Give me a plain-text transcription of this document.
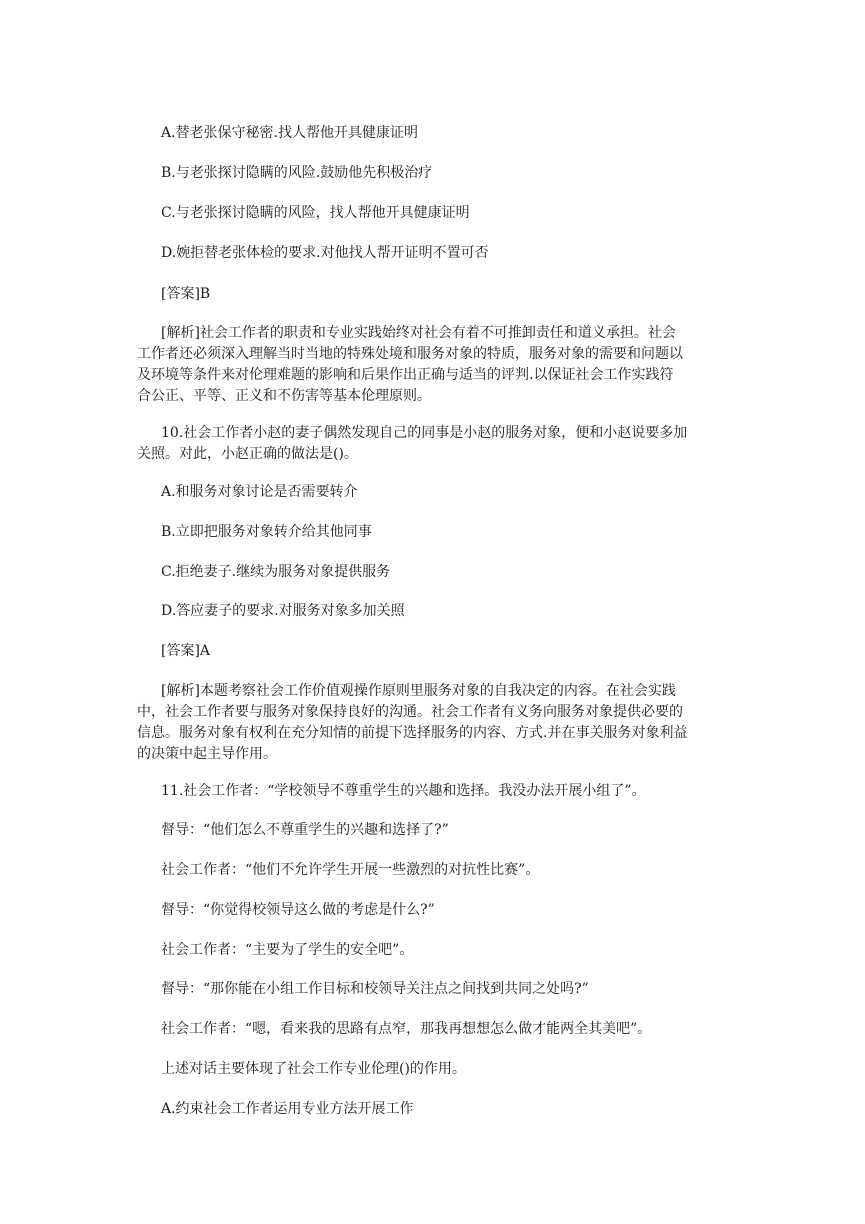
A.替老张保守秘密.找人帮他开具健康证明

B.与老张探讨隐瞒的风险.鼓励他先积极治疗

C.与老张探讨隐瞒的风险，找人帮他开具健康证明

D.婉拒替老张体检的要求.对他找人帮开证明不置可否

[答案]B

[解析]社会工作者的职责和专业实践始终对社会有着不可推卸责任和道义承担。社会
工作者还必须深入理解当时当地的特殊处境和服务对象的特质，服务对象的需要和问题以
及环境等条件来对伦理难题的影响和后果作出正确与适当的评判.以保证社会工作实践符
合公正、平等、正义和不伤害等基本伦理原则。
10.社会工作者小赵的妻子偶然发现自己的同事是小赵的服务对象，便和小赵说要多加
关照。对此，小赵正确的做法是()。

A.和服务对象讨论是否需要转介

B.立即把服务对象转介给其他同事

C.拒绝妻子.继续为服务对象提供服务

D.答应妻子的要求.对服务对象多加关照

[答案]A

[解析]本题考察社会工作价值观操作原则里服务对象的自我决定的内容。在社会实践
中，社会工作者要与服务对象保持良好的沟通。社会工作者有义务向服务对象提供必要的
信息。服务对象有权利在充分知情的前提下选择服务的内容、方式.并在事关服务对象利益
的决策中起主导作用。

11.社会工作者：“学校领导不尊重学生的兴趣和选择。我没办法开展小组了”。

督导：“他们怎么不尊重学生的兴趣和选择了?”

社会工作者：“他们不允许学生开展一些激烈的对抗性比赛”。

督导：“你觉得校领导这么做的考虑是什么?”

社会工作者：“主要为了学生的安全吧”。

督导：“那你能在小组工作目标和校领导关注点之间找到共同之处吗?”

社会工作者：“嗯，看来我的思路有点窄，那我再想想怎么做才能两全其美吧”。

上述对话主要体现了社会工作专业伦理()的作用。

A.约束社会工作者运用专业方法开展工作
